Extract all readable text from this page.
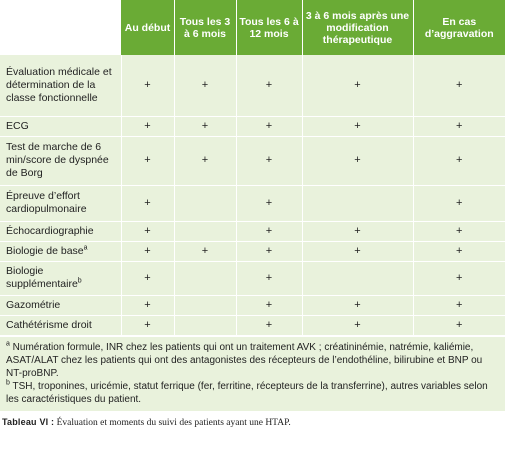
	Au début	Tous les 3 à 6 mois	Tous les 6 à 12 mois	3 à 6 mois après une modification thérapeutique	En cas d’aggravation
Évaluation médicale et détermination de la classe fonctionnelle	+	+	+	+	+
ECG	+	+	+	+	+
Test de marche de 6 min/score de dyspnée de Borg	+	+	+	+	+
Épreuve d’effort cardiopulmonaire	+		+		+
Échocardiographie	+		+	+	+
Biologie de base$^a$	+	+	+	+	+
Biologie supplémentaire$^b$	+		+		+
Gazométrie	+		+	+	+
Cathétérisme droit	+		+	+	+

$^a$ Numération formule, INR chez les patients qui ont un traitement AVK ; créatininémie, natrémie, kaliémie, ASAT/ALAT chez les patients qui ont des antagonistes des récepteurs de l’endothéline, bilirubine et BNP ou NT-proBNP.

$^b$ TSH, troponines, uricémie, statut ferrique (fer, ferritine, récepteurs de la transferrine), autres variables selon les caractéristiques du patient.

Tableau VI : Évaluation et moments du suivi des patients ayant une HTAP.
